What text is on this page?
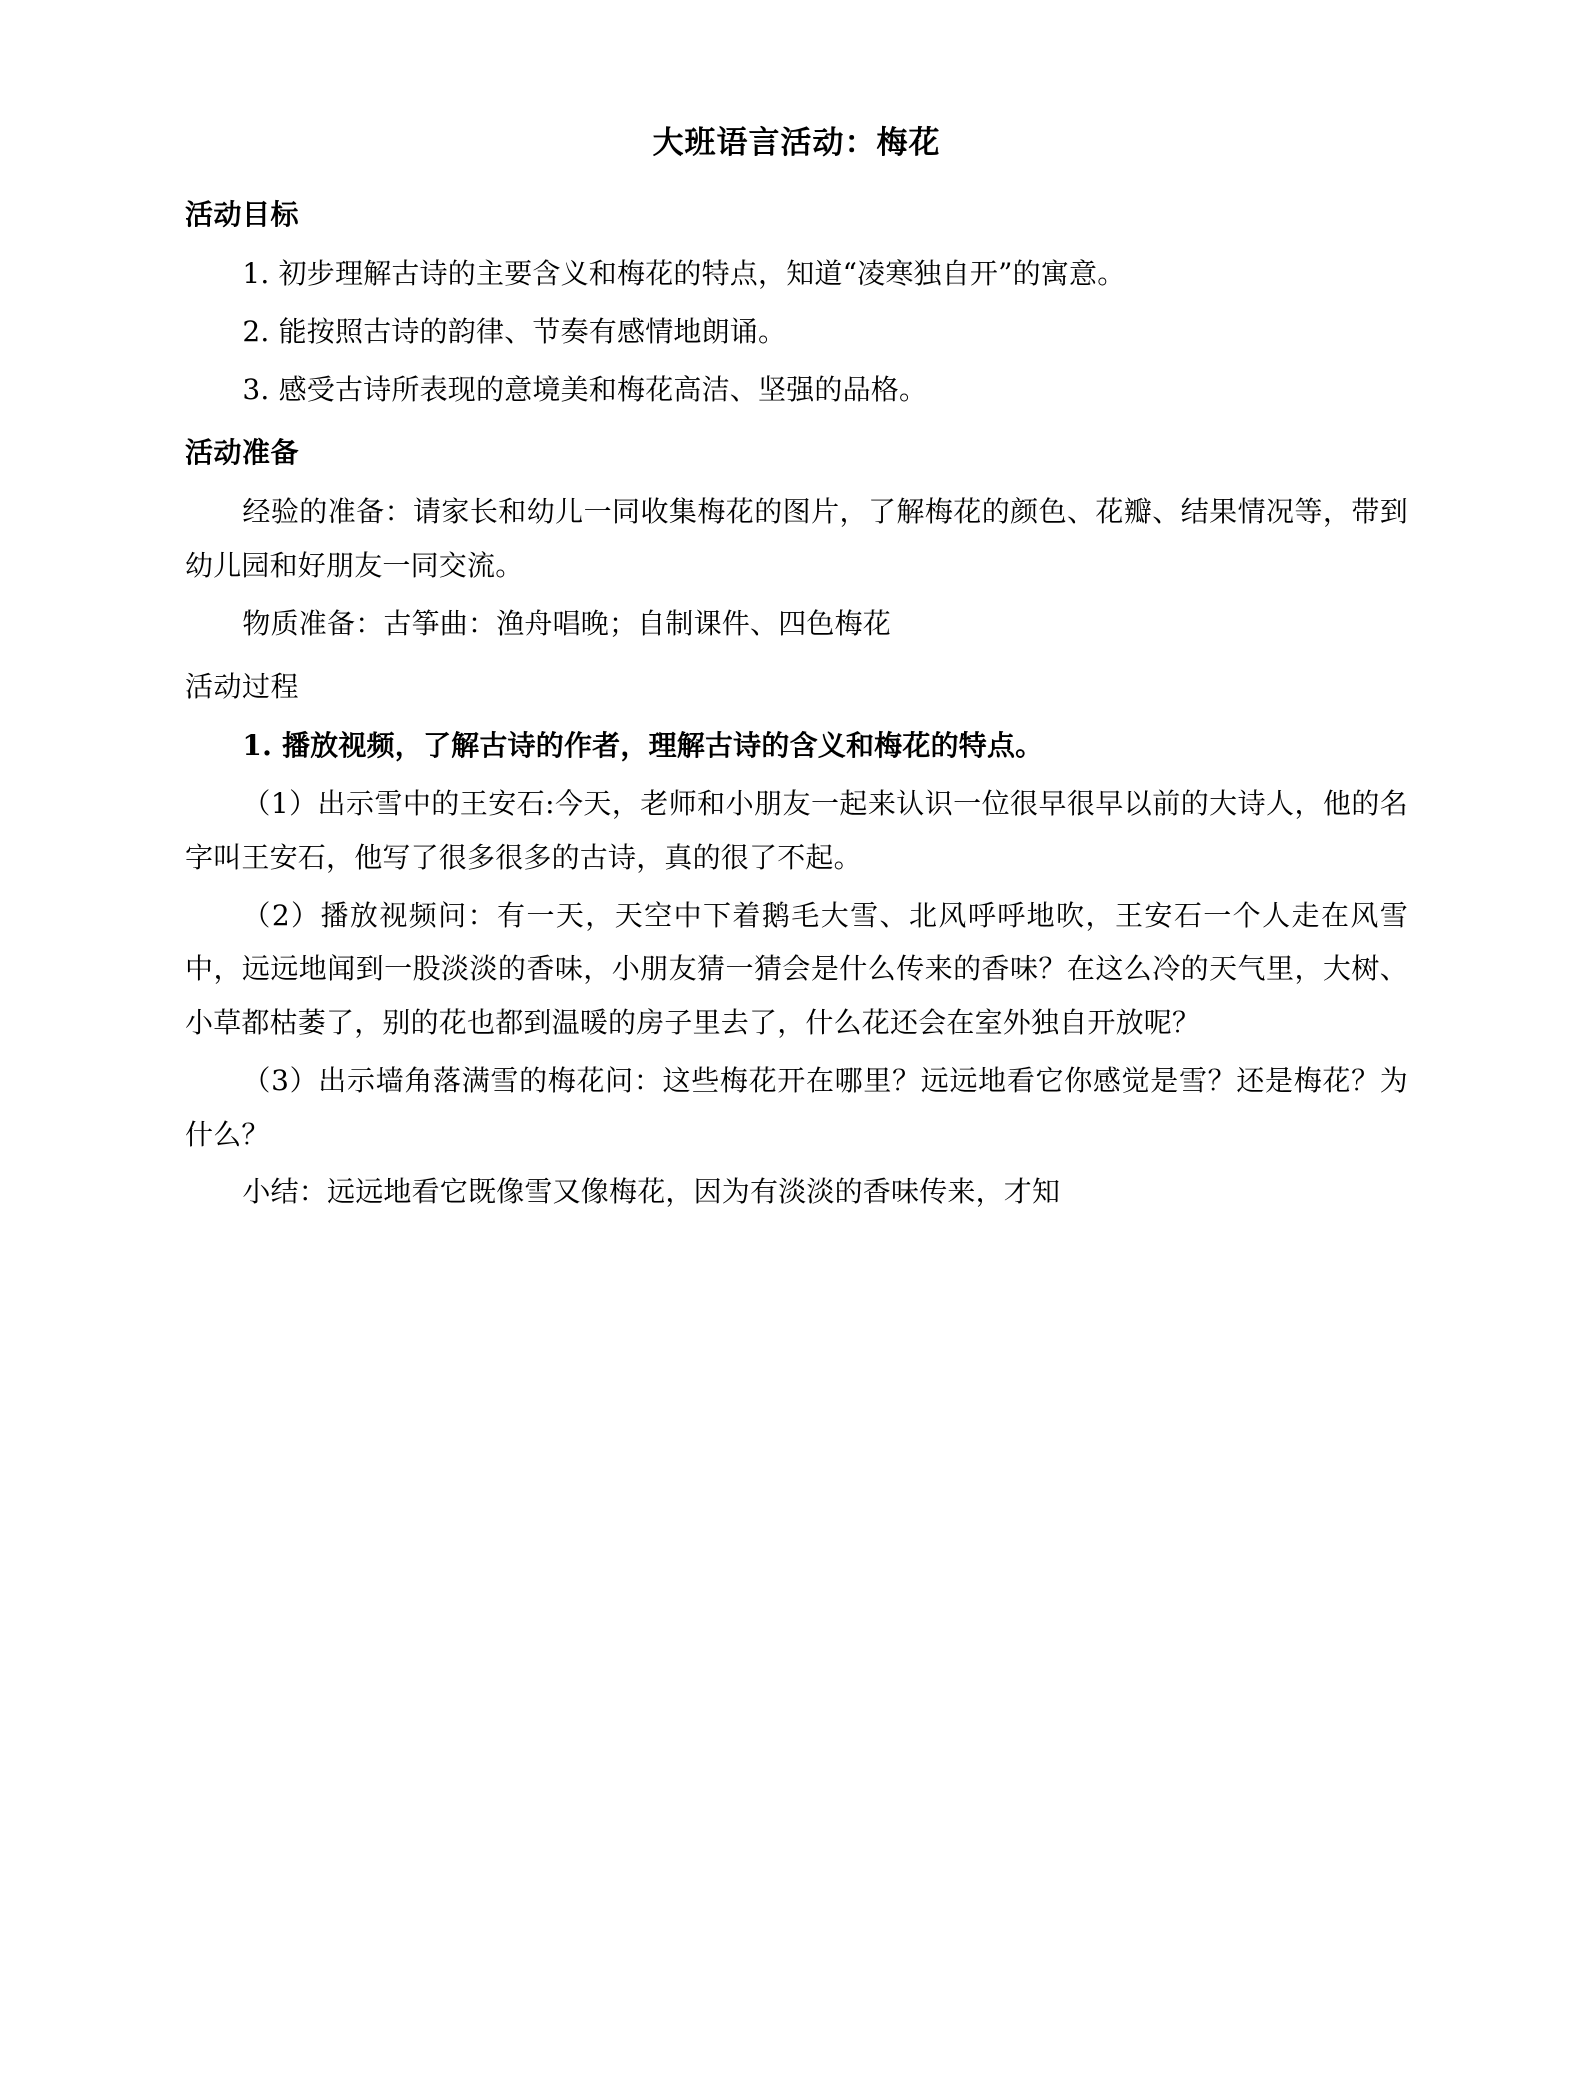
大班语言活动：梅花
活动目标

1. 初步理解古诗的主要含义和梅花的特点，知道“凌寒独自开”的寓意。

2. 能按照古诗的韵律、节奏有感情地朗诵。

3. 感受古诗所表现的意境美和梅花高洁、坚强的品格。

活动准备

经验的准备：请家长和幼儿一同收集梅花的图片，了解梅花的颜色、花瓣、结果情况等，带到幼儿园和好朋友一同交流。

物质准备：古筝曲：渔舟唱晚；自制课件、四色梅花

活动过程

1. 播放视频，了解古诗的作者，理解古诗的含义和梅花的特点。

（1）出示雪中的王安石:今天，老师和小朋友一起来认识一位很早很早以前的大诗人，他的名字叫王安石，他写了很多很多的古诗，真的很了不起。

（2）播放视频问：有一天，天空中下着鹅毛大雪、北风呼呼地吹，王安石一个人走在风雪中，远远地闻到一股淡淡的香味，小朋友猜一猜会是什么传来的香味？在这么冷的天气里，大树、小草都枯萎了，别的花也都到温暖的房子里去了，什么花还会在室外独自开放呢？

（3）出示墙角落满雪的梅花问：这些梅花开在哪里？远远地看它你感觉是雪？还是梅花？为什么？

小结：远远地看它既像雪又像梅花，因为有淡淡的香味传来，才知
